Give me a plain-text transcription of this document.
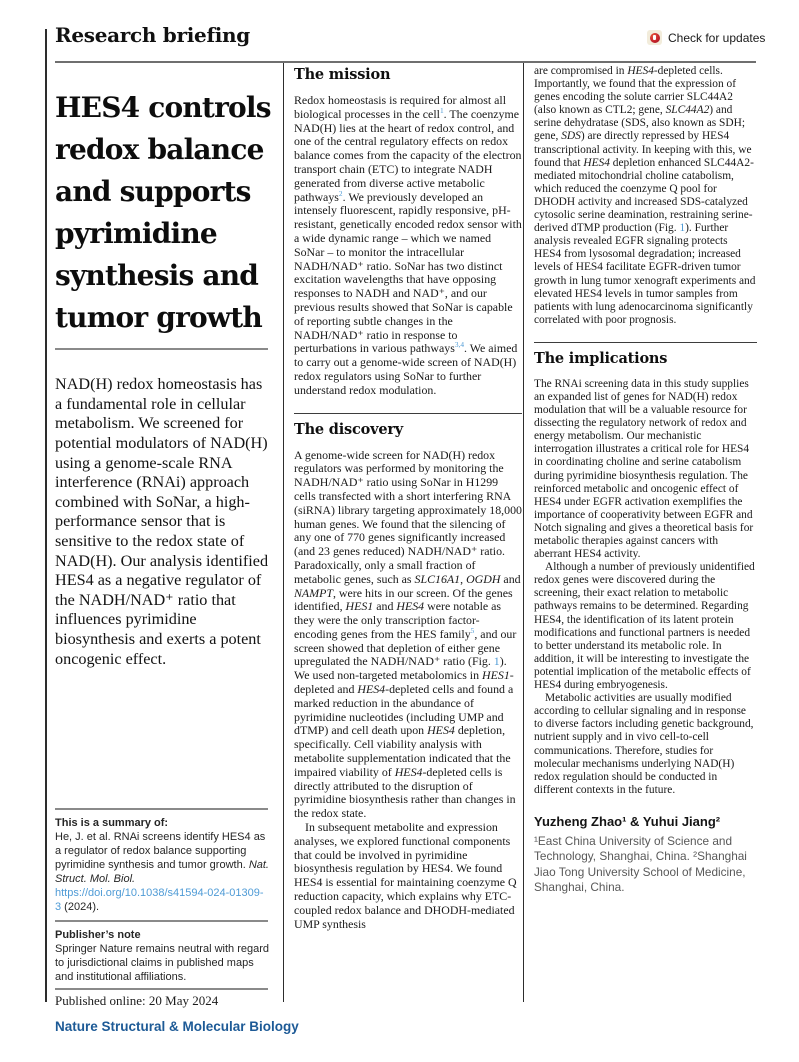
Research briefing	Check for updates
HES4 controls redox balance and supports pyrimidine synthesis and tumor growth

NAD(H) redox homeostasis has a fundamental role in cellular metabolism. We screened for potential modulators of NAD(H) using a genome-scale RNA interference (RNAi) approach combined with SoNar, a high-performance sensor that is sensitive to the redox state of NAD(H). Our analysis identified HES4 as a negative regulator of the NADH/NAD⁺ ratio that influences pyrimidine biosynthesis and exerts a potent oncogenic effect.

This is a summary of:
He, J. et al. RNAi screens identify HES4 as a regulator of redox balance supporting pyrimidine synthesis and tumor growth. Nat. Struct. Mol. Biol. https://doi.org/10.1038/s41594-024-01309-3 (2024).
Publisher’s note
Springer Nature remains neutral with regard to jurisdictional claims in published maps and institutional affiliations.
Published online: 20 May 2024
Nature Structural & Molecular Biology
The mission

Redox homeostasis is required for almost all biological processes in the cell$^1$. The coenzyme NAD(H) lies at the heart of redox control, and one of the central regulatory effects on redox balance comes from the capacity of the electron transport chain (ETC) to integrate NADH generated from diverse active metabolic pathways$^2$. We previously developed an intensely fluorescent, rapidly responsive, pH-resistant, genetically encoded redox sensor with a wide dynamic range – which we named SoNar – to monitor the intracellular NADH/NAD⁺ ratio. SoNar has two distinct excitation wavelengths that have opposing responses to NADH and NAD⁺, and our previous results showed that SoNar is capable of reporting subtle changes in the NADH/NAD⁺ ratio in response to perturbations in various pathways$^{3,4}$. We aimed to carry out a genome-wide screen of NAD(H) redox regulators using SoNar to further understand redox modulation.

The discovery

A genome-wide screen for NAD(H) redox regulators was performed by monitoring the NADH/NAD⁺ ratio using SoNar in H1299 cells transfected with a short interfering RNA (siRNA) library targeting approximately 18,000 human genes. We found that the silencing of any one of 770 genes significantly increased (and 23 genes reduced) NADH/NAD⁺ ratio. Paradoxically, only a small fraction of metabolic genes, such as SLC16A1, OGDH and NAMPT, were hits in our screen. Of the genes identified, HES1 and HES4 were notable as they were the only transcription factor-encoding genes from the HES family$^5$, and our screen showed that depletion of either gene upregulated the NADH/NAD⁺ ratio (Fig. 1). We used non-targeted metabolomics in HES1-depleted and HES4-depleted cells and found a marked reduction in the abundance of pyrimidine nucleotides (including UMP and dTMP) and cell death upon HES4 depletion, specifically. Cell viability analysis with metabolite supplementation indicated that the impaired viability of HES4-depleted cells is directly attributed to the disruption of pyrimidine biosynthesis rather than changes in the redox state.

In subsequent metabolite and expression analyses, we explored functional components that could be involved in pyrimidine biosynthesis regulation by HES4. We found HES4 is essential for maintaining coenzyme Q reduction capacity, which explains why ETC-coupled redox balance and DHODH-mediated UMP synthesis

are compromised in HES4-depleted cells. Importantly, we found that the expression of genes encoding the solute carrier SLC44A2 (also known as CTL2; gene, SLC44A2) and serine dehydratase (SDS, also known as SDH; gene, SDS) are directly repressed by HES4 transcriptional activity. In keeping with this, we found that HES4 depletion enhanced SLC44A2-mediated mitochondrial choline catabolism, which reduced the coenzyme Q pool for DHODH activity and increased SDS-catalyzed cytosolic serine deamination, restraining serine-derived dTMP production (Fig. 1). Further analysis revealed EGFR signaling protects HES4 from lysosomal degradation; increased levels of HES4 facilitate EGFR-driven tumor growth in lung tumor xenograft experiments and elevated HES4 levels in tumor samples from patients with lung adenocarcinoma significantly correlated with poor prognosis.

The implications

The RNAi screening data in this study supplies an expanded list of genes for NAD(H) redox modulation that will be a valuable resource for dissecting the regulatory network of redox and energy metabolism. Our mechanistic interrogation illustrates a critical role for HES4 in coordinating choline and serine catabolism during pyrimidine biosynthesis regulation. The reinforced metabolic and oncogenic effect of HES4 under EGFR activation exemplifies the importance of cooperativity between EGFR and Notch signaling and gives a theoretical basis for metabolic therapies against cancers with aberrant HES4 activity.

Although a number of previously unidentified redox genes were discovered during the screening, their exact relation to metabolic pathways remains to be determined. Regarding HES4, the identification of its latent protein modifications and functional partners is needed to better understand its metabolic role. In addition, it will be interesting to investigate the potential implication of the metabolic effects of HES4 during embryogenesis.

Metabolic activities are usually modified according to cellular signaling and in response to diverse factors including genetic background, nutrient supply and in vivo cell-to-cell communications. Therefore, studies for molecular mechanisms underlying NAD(H) redox regulation should be conducted in different contexts in the future.

Yuzheng Zhao¹ & Yuhui Jiang²
¹East China University of Science and Technology, Shanghai, China. ²Shanghai Jiao Tong University School of Medicine, Shanghai, China.
